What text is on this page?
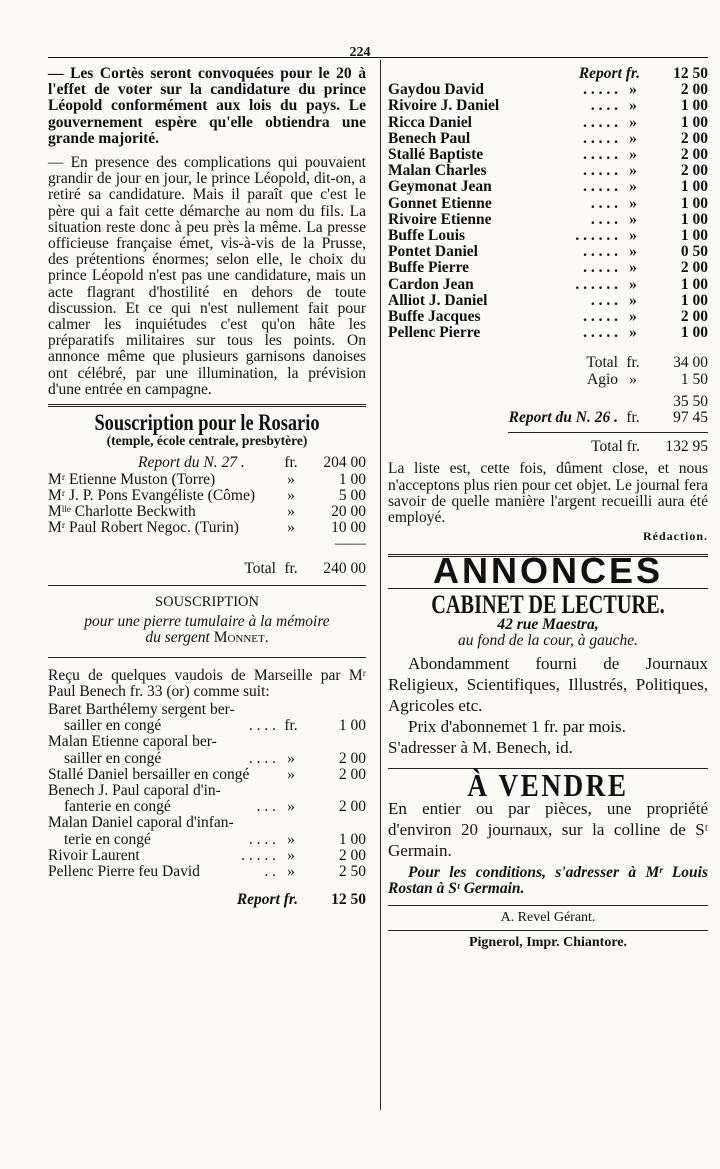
224

— Les Cortès seront convoquées pour le 20 à l'effet de voter sur la candidature du prince Léopold conformément aux lois du pays. Le gouvernement espère qu'elle obtiendra une grande majorité.

— En presence des complications qui pouvaient grandir de jour en jour, le prince Léopold, dit-on, a retiré sa candidature. Mais il paraît que c'est le père qui a fait cette démarche au nom du fils. La situation reste donc à peu près la même. La presse officieuse française émet, vis-à-vis de la Prusse, des prétentions énormes; selon elle, le choix du prince Léopold n'est pas une candidature, mais un acte flagrant d'hostilité en dehors de toute discussion. Et ce qui n'est nullement fait pour calmer les inquiétudes c'est qu'on hâte les préparatifs militaires sur tous les points. On annonce même que plusieurs garnisons danoises ont célébré, par une illumination, la prévision d'une entrée en campagne.

Souscription pour le Rosario
(temple, école centrale, presbytère)
Report du N. 27 .	fr.	204 00
Mʳ Etienne Muston (Torre)	»	1 00
Mʳ J. P. Pons Evangéliste (Côme)	»	5 00
Mˡˡᵉ Charlotte Beckwith	»	20 00
Mʳ Paul Robert Negoc. (Turin)	»	10 00
——
Total fr.	240 00
SOUSCRIPTION
pour une pierre tumulaire à la mémoire
du sergent Monnet.

Reçu de quelques vaudois de Marseille par Mʳ Paul Benech fr. 33 (or) comme suit:

Baret Barthélemy sergent ber-
sailler en congé	. . . . fr.	1 00
Malan Etienne caporal ber-
sailler en congé	. . . . »	2 00
Stallé Daniel bersailler en congé	»	2 00
Benech J. Paul caporal d'in-
fanterie en congé	. . . »	2 00
Malan Daniel caporal d'infan-
terie en congé	. . . . »	1 00
Rivoir Laurent	. . . . . »	2 00
Pellenc Pierre feu David	. . »	2 50
Report fr.	12 50
Report fr.	12 50
Gaydou David	. . . . . »	2 00
Rivoire J. Daniel	. . . . »	1 00
Ricca Daniel	. . . . . »	1 00
Benech Paul	. . . . . »	2 00
Stallé Baptiste	. . . . . »	2 00
Malan Charles	. . . . . »	2 00
Geymonat Jean	. . . . . »	1 00
Gonnet Etienne	. . . . »	1 00
Rivoire Etienne	. . . . »	1 00
Buffe Louis	. . . . . . »	1 00
Pontet Daniel	. . . . . »	0 50
Buffe Pierre	. . . . . »	2 00
Cardon Jean	. . . . . . »	1 00
Alliot J. Daniel	. . . . »	1 00
Buffe Jacques	. . . . . »	2 00
Pellenc Pierre	. . . . . »	1 00
Total fr.	34 00
Agio »	1 50
35 50
Report du N. 26 . fr.	97 45
Total fr.	132 95

La liste est, cette fois, dûment close, et nous n'acceptons plus rien pour cet objet. Le journal fera savoir de quelle manière l'argent recueilli aura été employé.

Rédaction.
ANNONCES
CABINET DE LECTURE.
42 rue Maestra,
au fond de la cour, à gauche.

Abondamment fourni de Journaux Religieux, Scientifiques, Illustrés, Politiques, Agricoles etc.

Prix d'abonnemet 1 fr. par mois.

S'adresser à M. Benech, id.

À VENDRE

En entier ou par pièces, une propriété d'environ 20 journaux, sur la colline de Sᵗ Germain.

Pour les conditions, s'adresser à Mʳ Louis Rostan à Sᵗ Germain.

A. Revel Gérant.
Pignerol, Impr. Chiantore.
